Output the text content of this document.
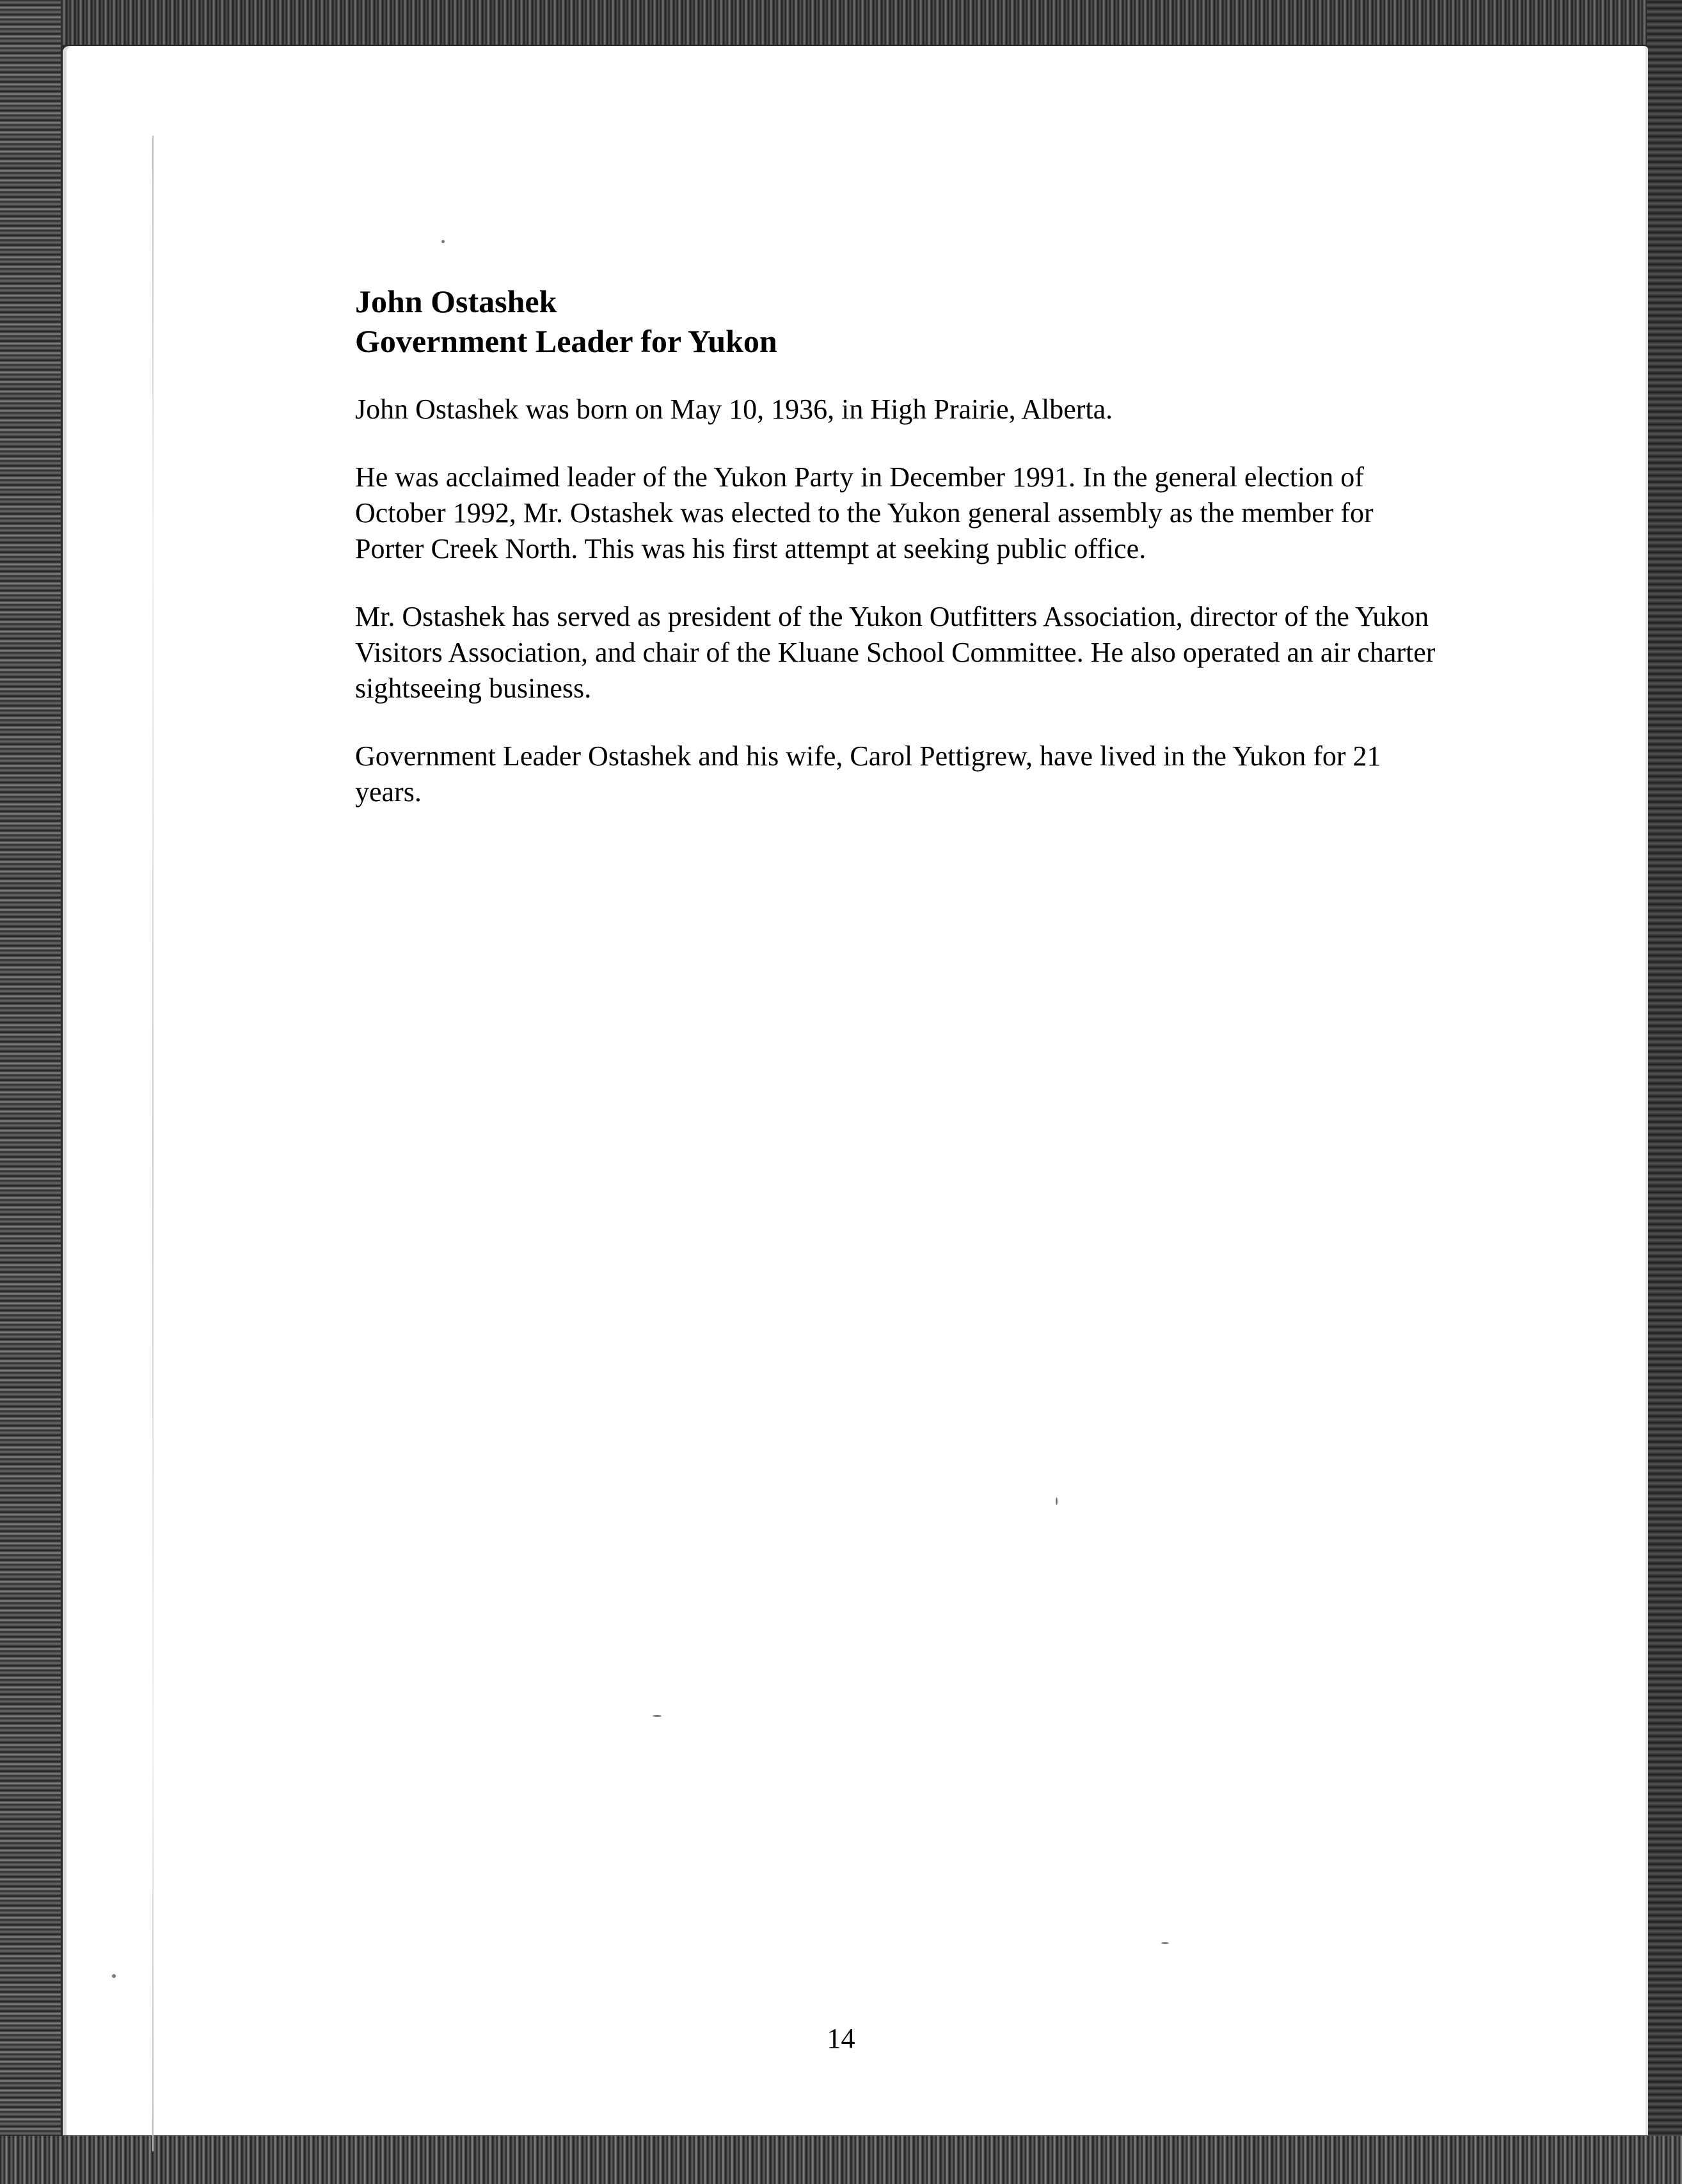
John Ostashek
Government Leader for Yukon

John Ostashek was born on May 10, 1936, in High Prairie, Alberta.

He was acclaimed leader of the Yukon Party in December 1991. In the general election of October 1992, Mr. Ostashek was elected to the Yukon general assembly as the member for Porter Creek North. This was his first attempt at seeking public office.

Mr. Ostashek has served as president of the Yukon Outfitters Association, director of the Yukon Visitors Association, and chair of the Kluane School Committee. He also operated an air charter sightseeing business.

Government Leader Ostashek and his wife, Carol Pettigrew, have lived in the Yukon for 21 years.

14
